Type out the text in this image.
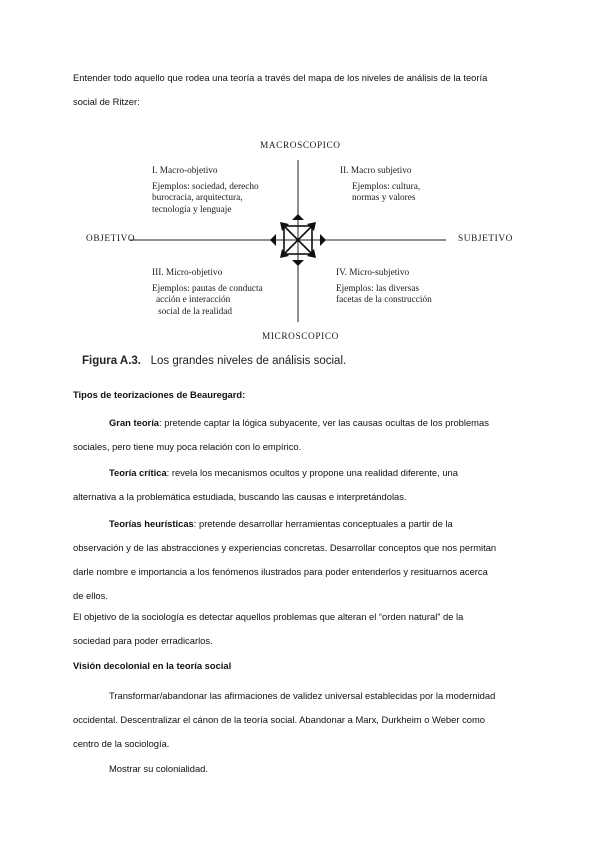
Entender todo aquello que rodea una teoría a través del mapa de los niveles de análisis de la teoría
social de Ritzer:

MACROSCOPICO
MICROSCOPICO
OBJETIVO	SUBJETIVO
I. Macro-objetivo
Ejemplos: sociedad, derecho
burocracia, arquitectura,
tecnología y lenguaje
II. Macro subjetivo
Ejemplos: cultura,
normas y valores
III. Micro-objetivo
Ejemplos: pautas de conducta
acción e interacción
social de la realidad
IV. Micro-subjetivo
Ejemplos: las diversas
facetas de la construcción
Figura A.3. Los grandes niveles de análisis social.

Tipos de teorizaciones de Beauregard:

Gran teoría: pretende captar la lógica subyacente, ver las causas ocultas de los problemas
sociales, pero tiene muy poca relación con lo empírico.

Teoría crítica: revela los mecanismos ocultos y propone una realidad diferente, una
alternativa a la problemática estudiada, buscando las causas e interpretándolas.

Teorías heurísticas: pretende desarrollar herramientas conceptuales a partir de la
observación y de las abstracciones y experiencias concretas. Desarrollar conceptos que nos permitan
darle nombre e importancia a los fenómenos ilustrados para poder entenderlos y resituarnos acerca
de ellos.

El objetivo de la sociología es detectar aquellos problemas que alteran el “orden natural” de la
sociedad para poder erradicarlos.

Visión decolonial en la teoría social

Transformar/abandonar las afirmaciones de validez universal establecidas por la modernidad
occidental. Descentralizar el cánon de la teoría social. Abandonar a Marx, Durkheim o Weber como
centro de la sociología.

Mostrar su colonialidad.
